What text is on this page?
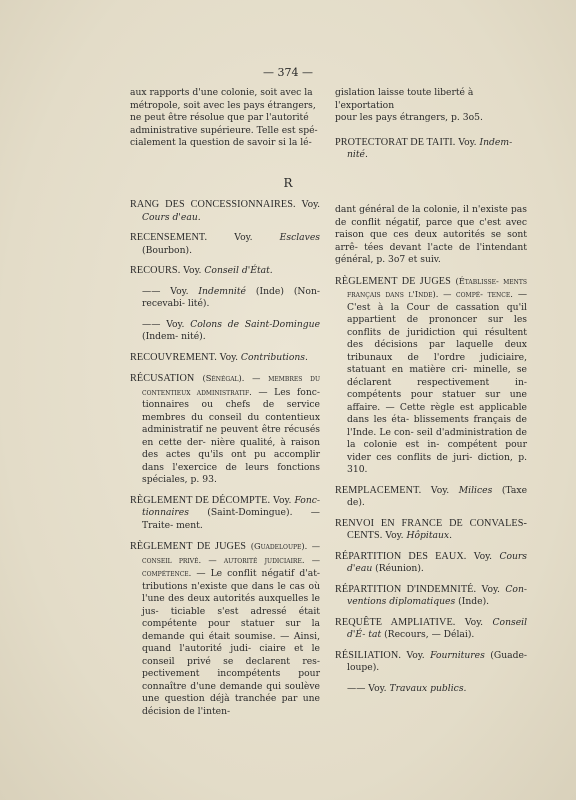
— 374 —

aux rapports d'une colonie, soit avec la

métropole, soit avec les pays étrangers,

ne peut être résolue que par l'autorité

administrative supérieure. Telle est spé-

cialement la question de savoir si la lé-

gislation laisse toute liberté à l'exportation

pour les pays étrangers, p. 3o5.

PROTECTORAT DE TAITI. Voy. Indem- nité.

R

RANG DES CONCESSIONNAIRES. Voy. Cours d'eau.

RECENSEMENT.	Voy.	Esclaves (Bourbon).

RECOURS. Voy. Conseil d'État.

—— Voy. Indemnité (Inde) (Non-recevabi- lité).

—— Voy. Colons de Saint-Domingue (Indem- nité).

RECOUVREMENT. Voy. Contributions.

RÉCUSATION (Sénégal). — membres du contentieux administratif. — Les fonc- tionnaires ou chefs de service membres du conseil du contentieux administratif ne peuvent être récusés en cette der- nière qualité, à raison des actes qu'ils ont pu accomplir dans l'exercice de leurs fonctions spéciales, p. 93.

RÈGLEMENT DE DÉCOMPTE. Voy. Fonc- tionnaires (Saint-Domingue). — Traite- ment.

RÈGLEMENT DE JUGES (Guadeloupe). — conseil privé. — autorité judiciaire. — compétence. — Le conflit négatif d'at- tributions n'existe que dans le cas où l'une des deux autorités auxquelles le jus- ticiable s'est adressé était compétente pour statuer sur la demande qui était soumise. — Ainsi, quand l'autorité judi- ciaire et le conseil privé se declarent res- pectivement incompétents pour connaître d'une demande qui soulève une question déjà tranchée par une décision de l'inten-

dant général de la colonie, il n'existe pas de conflit négatif, parce que c'est avec raison que ces deux autorités se sont arrê- tées devant l'acte de l'intendant général, p. 3o7 et suiv.

RÈGLEMENT DE JUGES (Établisse- ments français dans l'Inde). — compé- tence. — C'est à la Cour de cassation qu'il appartient de prononcer sur les conflits de juridiction qui résultent des décisions par laquelle deux tribunaux de l'ordre judiciaire, statuant en matière cri- minelle, se déclarent respectivement in- compétents pour statuer sur une affaire. — Cette règle est applicable dans les éta- blissements français de l'Inde. Le con- seil d'administration de la colonie est in- compétent pour vider ces conflits de juri- diction, p. 310.

REMPLACEMENT. Voy. Milices (Taxe de).

RENVOI EN FRANCE DE CONVALES- CENTS. Voy. Hôpitaux.

RÉPARTITION DES EAUX. Voy. Cours d'eau (Réunion).

RÉPARTITION D'INDEMNITÉ. Voy. Con- ventions diplomatiques (Inde).

REQUÊTE AMPLIATIVE. Voy. Conseil d'É- tat (Recours, — Délai).

RÉSILIATION. Voy. Fournitures (Guade- loupe).

—— Voy. Travaux publics.
